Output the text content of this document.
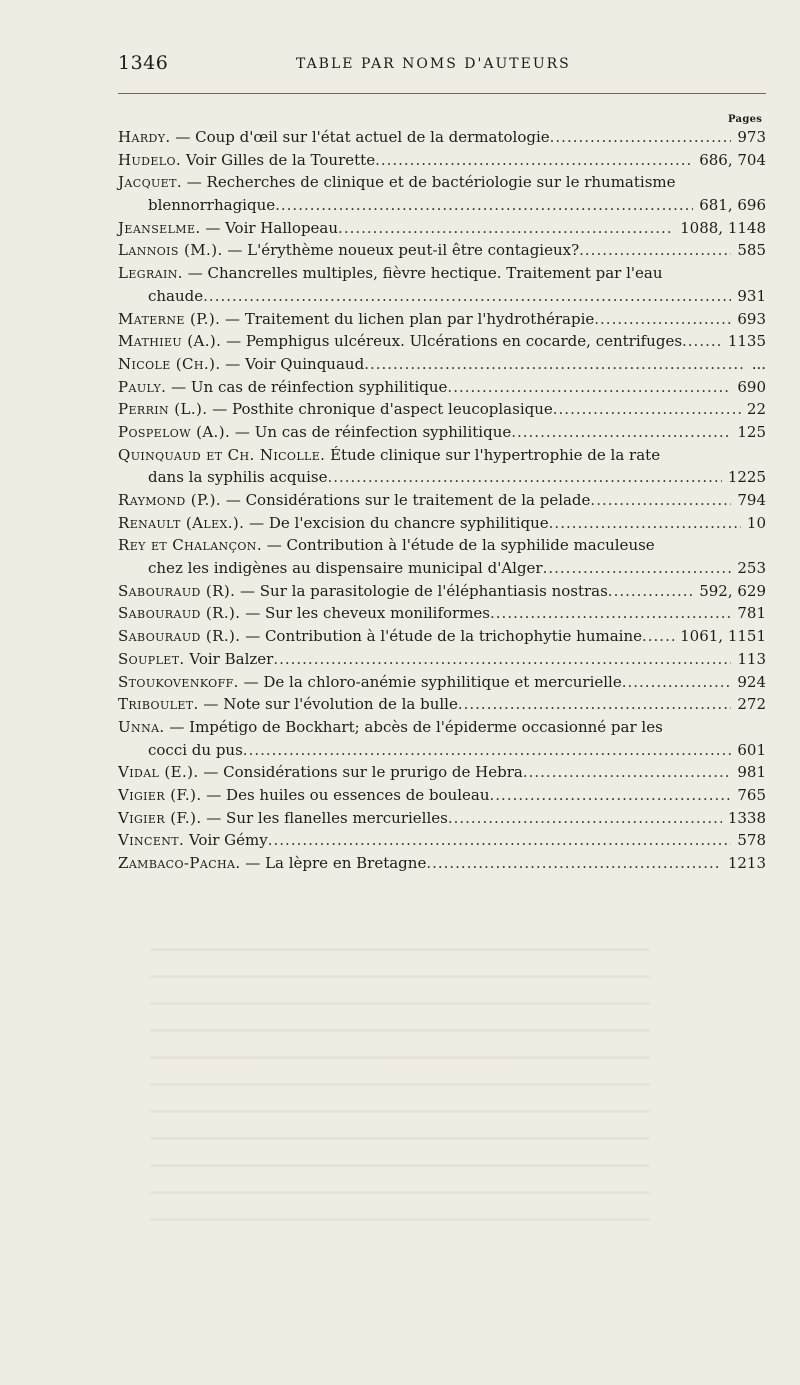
1346	TABLE PAR NOMS D'AUTEURS
Pages
Hardy. — Coup d'œil sur l'état actuel de la dermatologie .....	973
Hudelo. Voir Gilles de la Tourette .....	686, 704
Jacquet. — Recherches de clinique et de bactériologie sur le rhumatisme
blennorrhagique .....	681, 696
Jeanselme. — Voir Hallopeau .....	1088, 1148
Lannois (M.). — L'érythème noueux peut-il être contagieux? .....	585
Legrain. — Chancrelles multiples, fièvre hectique. Traitement par l'eau
chaude .....	931
Materne (P.). — Traitement du lichen plan par l'hydrothérapie .....	693
Mathieu (A.). — Pemphigus ulcéreux. Ulcérations en cocarde, centrifuges .....	1135
Nicole (Ch.). — Voir Quinquaud .....	...
Pauly. — Un cas de réinfection syphilitique .....	690
Perrin (L.). — Posthite chronique d'aspect leucoplasique .....	22
Pospelow (A.). — Un cas de réinfection syphilitique .....	125
Quinquaud et Ch. Nicolle. Étude clinique sur l'hypertrophie de la rate
dans la syphilis acquise .....	1225
Raymond (P.). — Considérations sur le traitement de la pelade .....	794
Renault (Alex.). — De l'excision du chancre syphilitique .....	10
Rey et Chalançon. — Contribution à l'étude de la syphilide maculeuse
chez les indigènes au dispensaire municipal d'Alger .....	253
Sabouraud (R). — Sur la parasitologie de l'éléphantiasis nostras .....	592, 629
Sabouraud (R.). — Sur les cheveux moniliformes .....	781
Sabouraud (R.). — Contribution à l'étude de la trichophytie humaine .....	1061, 1151
Souplet. Voir Balzer .....	113
Stoukovenkoff. — De la chloro-anémie syphilitique et mercurielle .....	924
Triboulet. — Note sur l'évolution de la bulle .....	272
Unna. — Impétigo de Bockhart; abcès de l'épiderme occasionné par les
cocci du pus .....	601
Vidal (E.). — Considérations sur le prurigo de Hebra .....	981
Vigier (F.). — Des huiles ou essences de bouleau .....	765
Vigier (F.). — Sur les flanelles mercurielles .....	1338
Vincent. Voir Gémy .....	578
Zambaco-Pacha. — La lèpre en Bretagne .....	1213
